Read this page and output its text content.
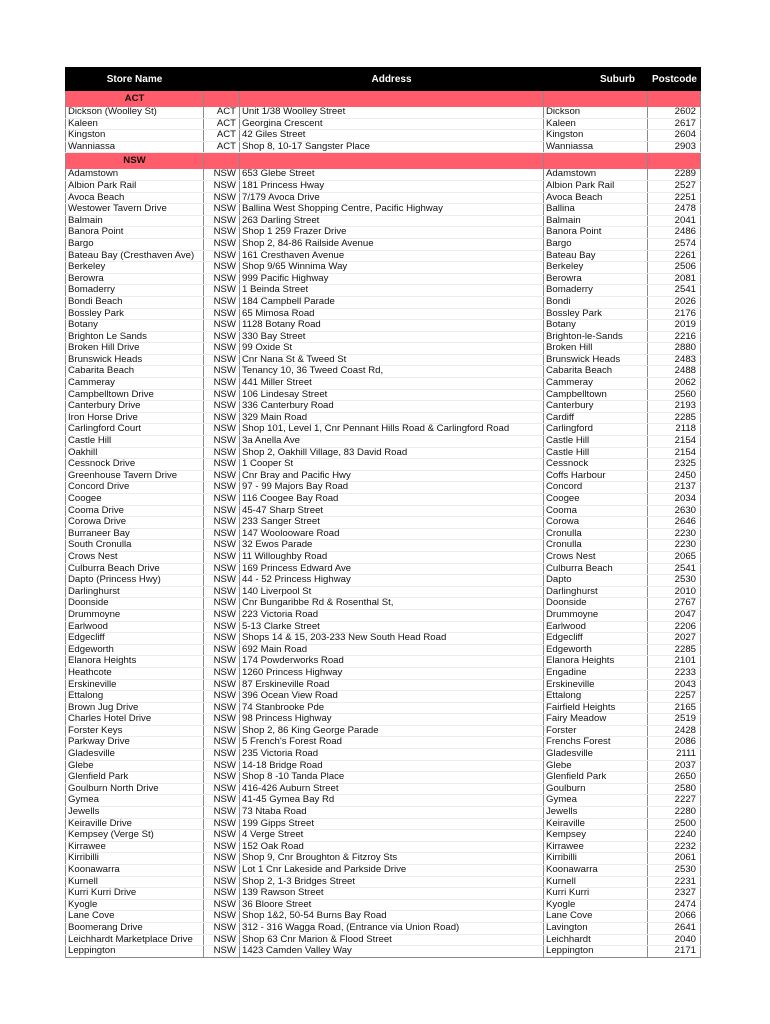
Store Name		Address	Suburb	Postcode
ACT				
Dickson (Woolley St)	ACT	Unit 1/38 Woolley Street	Dickson	2602
Kaleen	ACT	Georgina Crescent	Kaleen	2617
Kingston	ACT	42 Giles Street	Kingston	2604
Wanniassa	ACT	Shop 8, 10-17 Sangster Place	Wanniassa	2903
NSW				
Adamstown	NSW	653 Glebe Street	Adamstown	2289
Albion Park Rail	NSW	181 Princess Hway	Albion Park Rail	2527
Avoca Beach	NSW	7/179 Avoca Drive	Avoca Beach	2251
Westower Tavern Drive	NSW	Ballina West Shopping Centre, Pacific Highway	Ballina	2478
Balmain	NSW	263 Darling Street	Balmain	2041
Banora Point	NSW	Shop 1 259 Frazer Drive	Banora Point	2486
Bargo	NSW	Shop 2, 84-86 Railside Avenue	Bargo	2574
Bateau Bay (Cresthaven Ave)	NSW	161 Cresthaven Avenue	Bateau Bay	2261
Berkeley	NSW	Shop 9/65 Winnima Way	Berkeley	2506
Berowra	NSW	999 Pacific Highway	Berowra	2081
Bomaderry	NSW	1 Beinda Street	Bomaderry	2541
Bondi Beach	NSW	184 Campbell Parade	Bondi	2026
Bossley Park	NSW	65 Mimosa Road	Bossley Park	2176
Botany	NSW	1128 Botany Road	Botany	2019
Brighton Le Sands	NSW	330 Bay Street	Brighton-le-Sands	2216
Broken Hill Drive	NSW	99 Oxide St	Broken Hill	2880
Brunswick Heads	NSW	Cnr Nana St & Tweed St	Brunswick Heads	2483
Cabarita Beach	NSW	Tenancy 10, 36 Tweed Coast Rd,	Cabarita Beach	2488
Cammeray	NSW	441 Miller Street	Cammeray	2062
Campbelltown Drive	NSW	106 Lindesay Street	Campbelltown	2560
Canterbury Drive	NSW	336 Canterbury Road	Canterbury	2193
Iron Horse Drive	NSW	329 Main Road	Cardiff	2285
Carlingford Court	NSW	Shop 101, Level 1, Cnr Pennant Hills Road & Carlingford Road	Carlingford	2118
Castle Hill	NSW	3a Anella Ave	Castle Hill	2154
Oakhill	NSW	Shop 2, Oakhill Village, 83 David Road	Castle Hill	2154
Cessnock Drive	NSW	1 Cooper St	Cessnock	2325
Greenhouse Tavern Drive	NSW	Cnr Bray and Pacific Hwy	Coffs Harbour	2450
Concord Drive	NSW	97 - 99 Majors Bay Road	Concord	2137
Coogee	NSW	116 Coogee Bay Road	Coogee	2034
Cooma Drive	NSW	45-47 Sharp Street	Cooma	2630
Corowa Drive	NSW	233 Sanger Street	Corowa	2646
Burraneer Bay	NSW	147 Woolooware Road	Cronulla	2230
South Cronulla	NSW	32 Ewos Parade	Cronulla	2230
Crows Nest	NSW	11 Willoughby Road	Crows Nest	2065
Culburra Beach Drive	NSW	169 Princess Edward Ave	Culburra Beach	2541
Dapto (Princess Hwy)	NSW	44 - 52 Princess Highway	Dapto	2530
Darlinghurst	NSW	140 Liverpool St	Darlinghurst	2010
Doonside	NSW	Cnr Bungaribbe Rd & Rosenthal St,	Doonside	2767
Drummoyne	NSW	223 Victoria Road	Drummoyne	2047
Earlwood	NSW	5-13 Clarke Street	Earlwood	2206
Edgecliff	NSW	Shops 14 & 15, 203-233 New South Head Road	Edgecliff	2027
Edgeworth	NSW	692 Main Road	Edgeworth	2285
Elanora Heights	NSW	174 Powderworks Road	Elanora Heights	2101
Heathcote	NSW	1260 Princess Highway	Engadine	2233
Erskineville	NSW	87 Erskineville Road	Erskineville	2043
Ettalong	NSW	396 Ocean View Road	Ettalong	2257
Brown Jug Drive	NSW	74 Stanbrooke Pde	Fairfield Heights	2165
Charles Hotel Drive	NSW	98 Princess Highway	Fairy Meadow	2519
Forster Keys	NSW	Shop 2, 86 King George Parade	Forster	2428
Parkway Drive	NSW	5 French's Forest Road	Frenchs Forest	2086
Gladesville	NSW	235 Victoria Road	Gladesville	2111
Glebe	NSW	14-18 Bridge Road	Glebe	2037
Glenfield Park	NSW	Shop 8 -10 Tanda Place	Glenfield Park	2650
Goulburn North Drive	NSW	416-426 Auburn Street	Goulburn	2580
Gymea	NSW	41-45 Gymea Bay Rd	Gymea	2227
Jewells	NSW	73 Ntaba Road	Jewells	2280
Keiraville Drive	NSW	199 Gipps Street	Keiraville	2500
Kempsey (Verge St)	NSW	4 Verge Street	Kempsey	2240
Kirrawee	NSW	152 Oak Road	Kirrawee	2232
Kirribilli	NSW	Shop 9, Cnr Broughton & Fitzroy Sts	Kirribilli	2061
Koonawarra	NSW	Lot 1 Cnr Lakeside and Parkside Drive	Koonawarra	2530
Kurnell	NSW	Shop 2, 1-3 Bridges Street	Kurnell	2231
Kurri Kurri Drive	NSW	139 Rawson Street	Kurri Kurri	2327
Kyogle	NSW	36 Bloore Street	Kyogle	2474
Lane Cove	NSW	Shop 1&2, 50-54 Burns Bay Road	Lane Cove	2066
Boomerang Drive	NSW	312 - 316 Wagga Road, (Entrance via Union Road)	Lavington	2641
Leichhardt Marketplace Drive	NSW	Shop 63 Cnr Marion & Flood Street	Leichhardt	2040
Leppington	NSW	1423 Camden Valley Way	Leppington	2171
